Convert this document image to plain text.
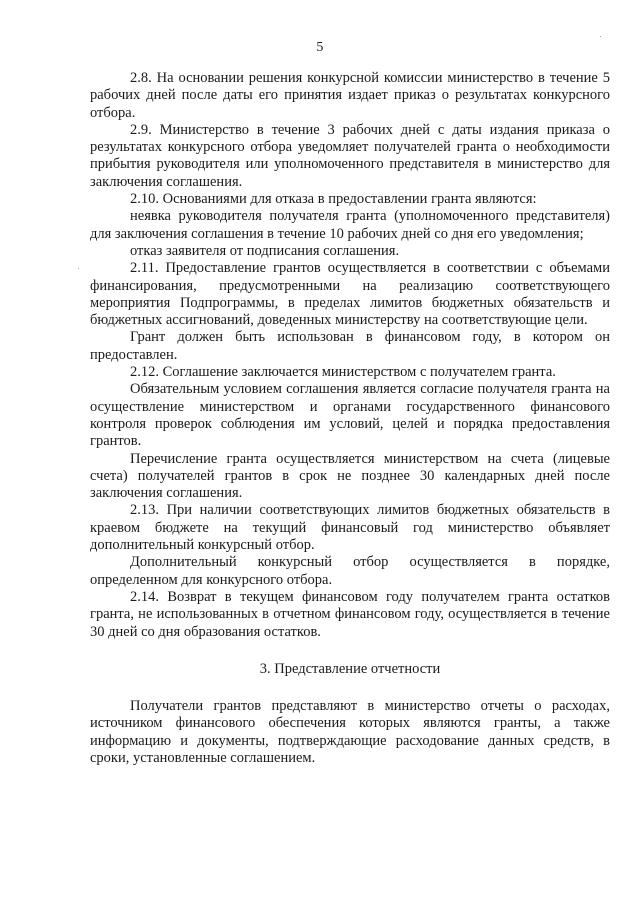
5

2.8. На основании решения конкурсной комиссии министерство в течение 5 рабочих дней после даты его принятия издает приказ о результатах конкурсного отбора.

2.9. Министерство в течение 3 рабочих дней с даты издания приказа о результатах конкурсного отбора уведомляет получателей гранта о необходимости прибытия руководителя или уполномоченного представителя в министерство для заключения соглашения.

2.10. Основаниями для отказа в предоставлении гранта являются:

неявка руководителя получателя гранта (уполномоченного представителя) для заключения соглашения в течение 10 рабочих дней со дня его уведомления;

отказ заявителя от подписания соглашения.

2.11. Предоставление грантов осуществляется в соответствии с объемами финансирования, предусмотренными на реализацию соответствующего мероприятия Подпрограммы, в пределах лимитов бюджетных обязательств и бюджетных ассигнований, доведенных министерству на соответствующие цели.

Грант должен быть использован в финансовом году, в котором он предоставлен.

2.12. Соглашение заключается министерством с получателем гранта.

Обязательным условием соглашения является согласие получателя гранта на осуществление министерством и органами государственного финансового контроля проверок соблюдения им условий, целей и порядка предоставления грантов.

Перечисление гранта осуществляется министерством на счета (лицевые счета) получателей грантов в срок не позднее 30 календарных дней после заключения соглашения.

2.13. При наличии соответствующих лимитов бюджетных обязательств в краевом бюджете на текущий финансовый год министерство объявляет дополнительный конкурсный отбор.

Дополнительный конкурсный отбор осуществляется в порядке, определенном для конкурсного отбора.

2.14. Возврат в текущем финансовом году получателем гранта остатков гранта, не использованных в отчетном финансовом году, осуществляется в течение 30 дней со дня образования остатков.

3. Представление отчетности

Получатели грантов представляют в министерство отчеты о расходах, источником финансового обеспечения которых являются гранты, а также информацию и документы, подтверждающие расходование данных средств, в сроки, установленные соглашением.
